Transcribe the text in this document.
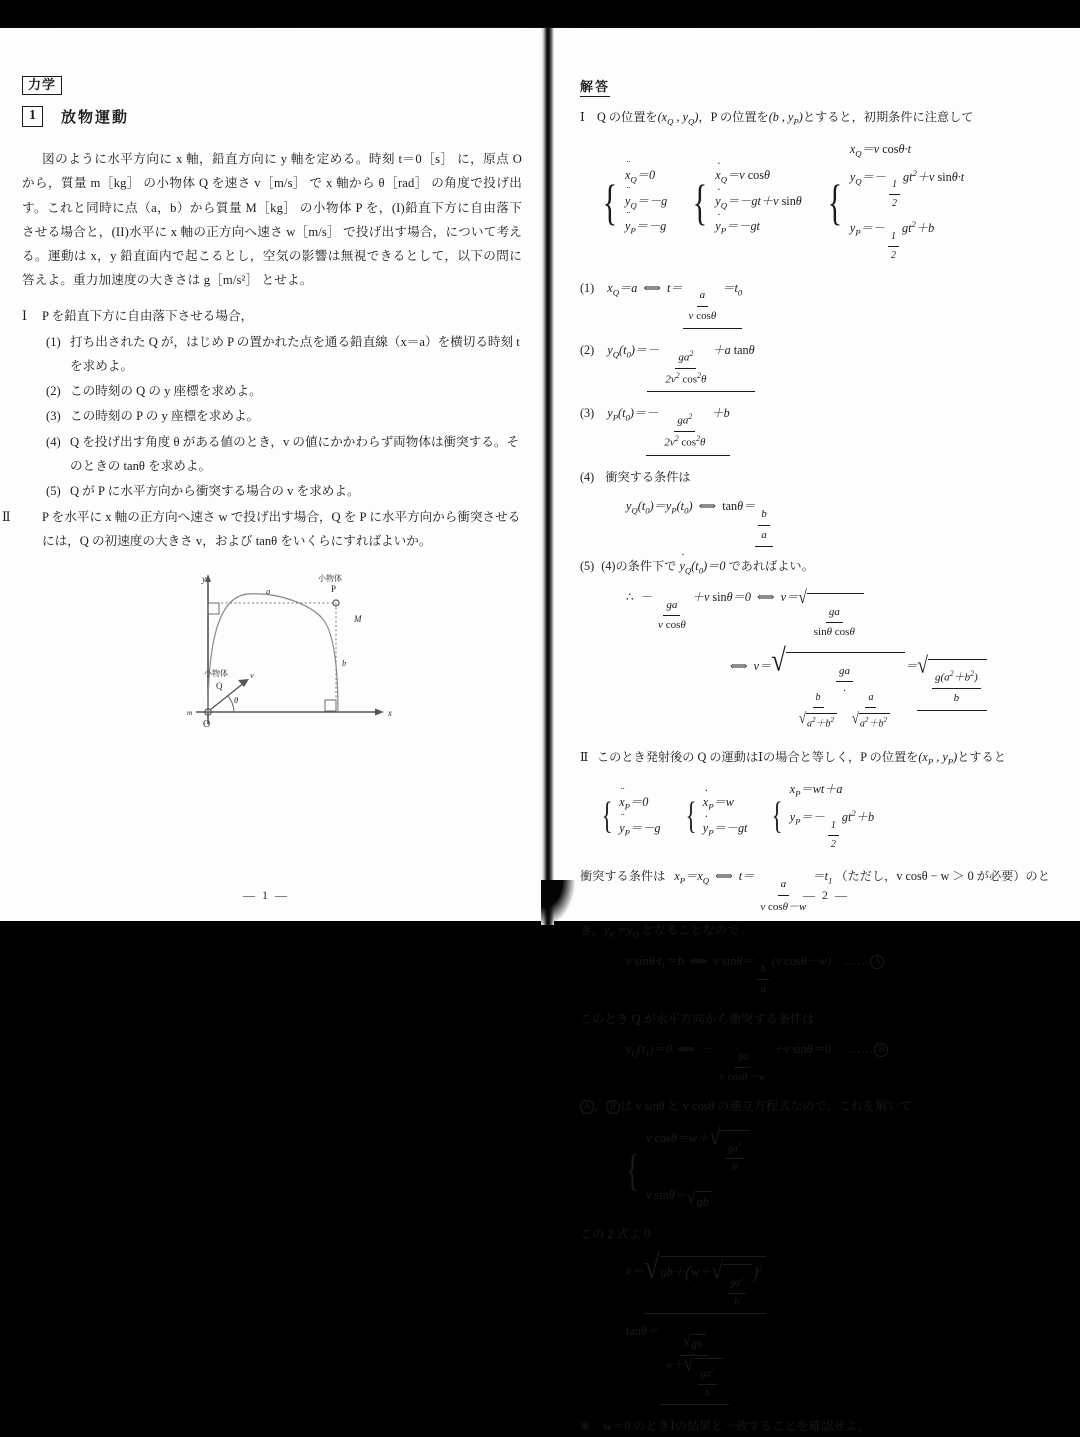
力学
1 放物運動

図のように水平方向に x 軸，鉛直方向に y 軸を定める。時刻 t＝0［s］ に，原点 O から，質量 m［kg］ の小物体 Q を速さ v［m/s］ で x 軸から θ［rad］ の角度で投げ出す。これと同時に点（a，b）から質量 M［kg］ の小物体 P を，(I)鉛直下方に自由落下させる場合と，(II)水平に x 軸の正方向へ速さ w［m/s］ で投げ出す場合，について考える。運動は x，y 鉛直面内で起こるとし，空気の影響は無視できるとして，以下の問に答えよ。重力加速度の大きさは g［m/s²］ とせよ。

Ⅰ P を鉛直下方に自由落下させる場合，
(1) 打ち出された Q が，はじめ P の置かれた点を通る鉛直線（x＝a）を横切る時刻 t を求めよ。
(2) この時刻の Q の y 座標を求めよ。
(3) この時刻の P の y 座標を求めよ。
(4) Q を投げ出す角度 θ がある値のとき，v の値にかかわらず両物体は衝突する。そのときの tanθ を求めよ。
(5) Q が P に水平方向から衝突する場合の v を求めよ。
Ⅱ P を水平に x 軸の正方向へ速さ w で投げ出す場合，Q を P に水平方向から衝突させるには，Q の初速度の大きさ v，および tanθ をいくらにすればよいか。
y
x
O
m
M
a
b
小物体
P
小物体
Q
v
θ
— 1 —
解答
Ⅰ Q の位置を($x_Q$ , $y_Q$)，P の位置を(b , $y_P$)とすると，初期条件に注意して
{ ¨ $x_Q=0$
¨ $y_Q=-g$
¨ $y_P=-g$
{ ˙ $x_Q=v$ cosθ
˙ $y_Q=-gt+v$ sinθ
˙ $y_P=-gt$
	{
$x_Q=v$ cosθ·t
$y_Q=-$
$\frac{1}{2}$
$gt^2+v$ sinθ·t
$y_P=-$
$\frac{1}{2}$
$gt^2+b$
(1) $x_Q=a$  ⟺  $t= \frac{a}{\text{v cosθ}} =t_0$
(2) $y_Q(t_0)=- \frac{ga^2}{2v^2 \cos^2\theta} +a$ tanθ
(3) $y_P(t_0)=- \frac{ga^2}{2v^2 \cos^2\theta} +b$
(4) 衝突する条件は
$y_Q(t_0)=y_P(t_0)$  ⟺  $\tan\theta= \frac{b}{a}$
(5) (4)の条件下で ˙ $y_Q(t_0)=0$ であればよい。
∴  － $\frac{ga}{\text{v cosθ}} +v$ sinθ＝0  ⟺  v＝ √
$\frac{ga}{\text{sinθ cosθ}}$
⟺  v＝ √
$\frac{ga}{\frac{b}{√ a^2+b^2} \cdot \frac{a}{√ a^2+b^2}}$ ＝ √
$\frac{g(a^2+b^2)}{b}$
Ⅱ このとき発射後の Q の運動はⅠの場合と等しく，P の位置を($x_P$ , $y_P$)とすると
{ ¨ $x_P=0$
¨ $y_P=-g$
{ ˙ $x_P=w$
˙ $y_P=-gt$
{
$x_P=wt+a$
$y_P=-$
$\frac{1}{2}$
$gt^2+b$
衝突する条件は $x_P=x_Q$  ⟺  $t= \frac{a}{\text{v cosθ－w}} =t_1$ （ただし，v cosθ − w ＞ 0 が必要）のと
き，$y_P=y_Q$ となることなので
v $\sin\theta\cdot t_1=b$  ⟺  v $\sin\theta= \frac{b}{a} (v$ cosθ－w) …… A
このとき Q が水平方向から衝突する条件は
˙ $y_Q(t_1)=0$  ⟺  － $\frac{ga}{\text{v cosθ－w}} +v$ sinθ＝0 …… B
A ， B は v sinθ と v cosθ の連立方程式なので，これを解いて
{
v cosθ＝w＋ √
$\frac{ga^2}{b}$
v sinθ＝ √ gb
この 2 式より
v＝ √ gb＋(w＋ √
$\frac{ga^2}{b}$
)$^2$
tanθ＝ √ gb
w＋ √
$\frac{ga^2}{b}$
※ w＝0 のときⅠの結果と一致することを確認せよ。
— 2 —
